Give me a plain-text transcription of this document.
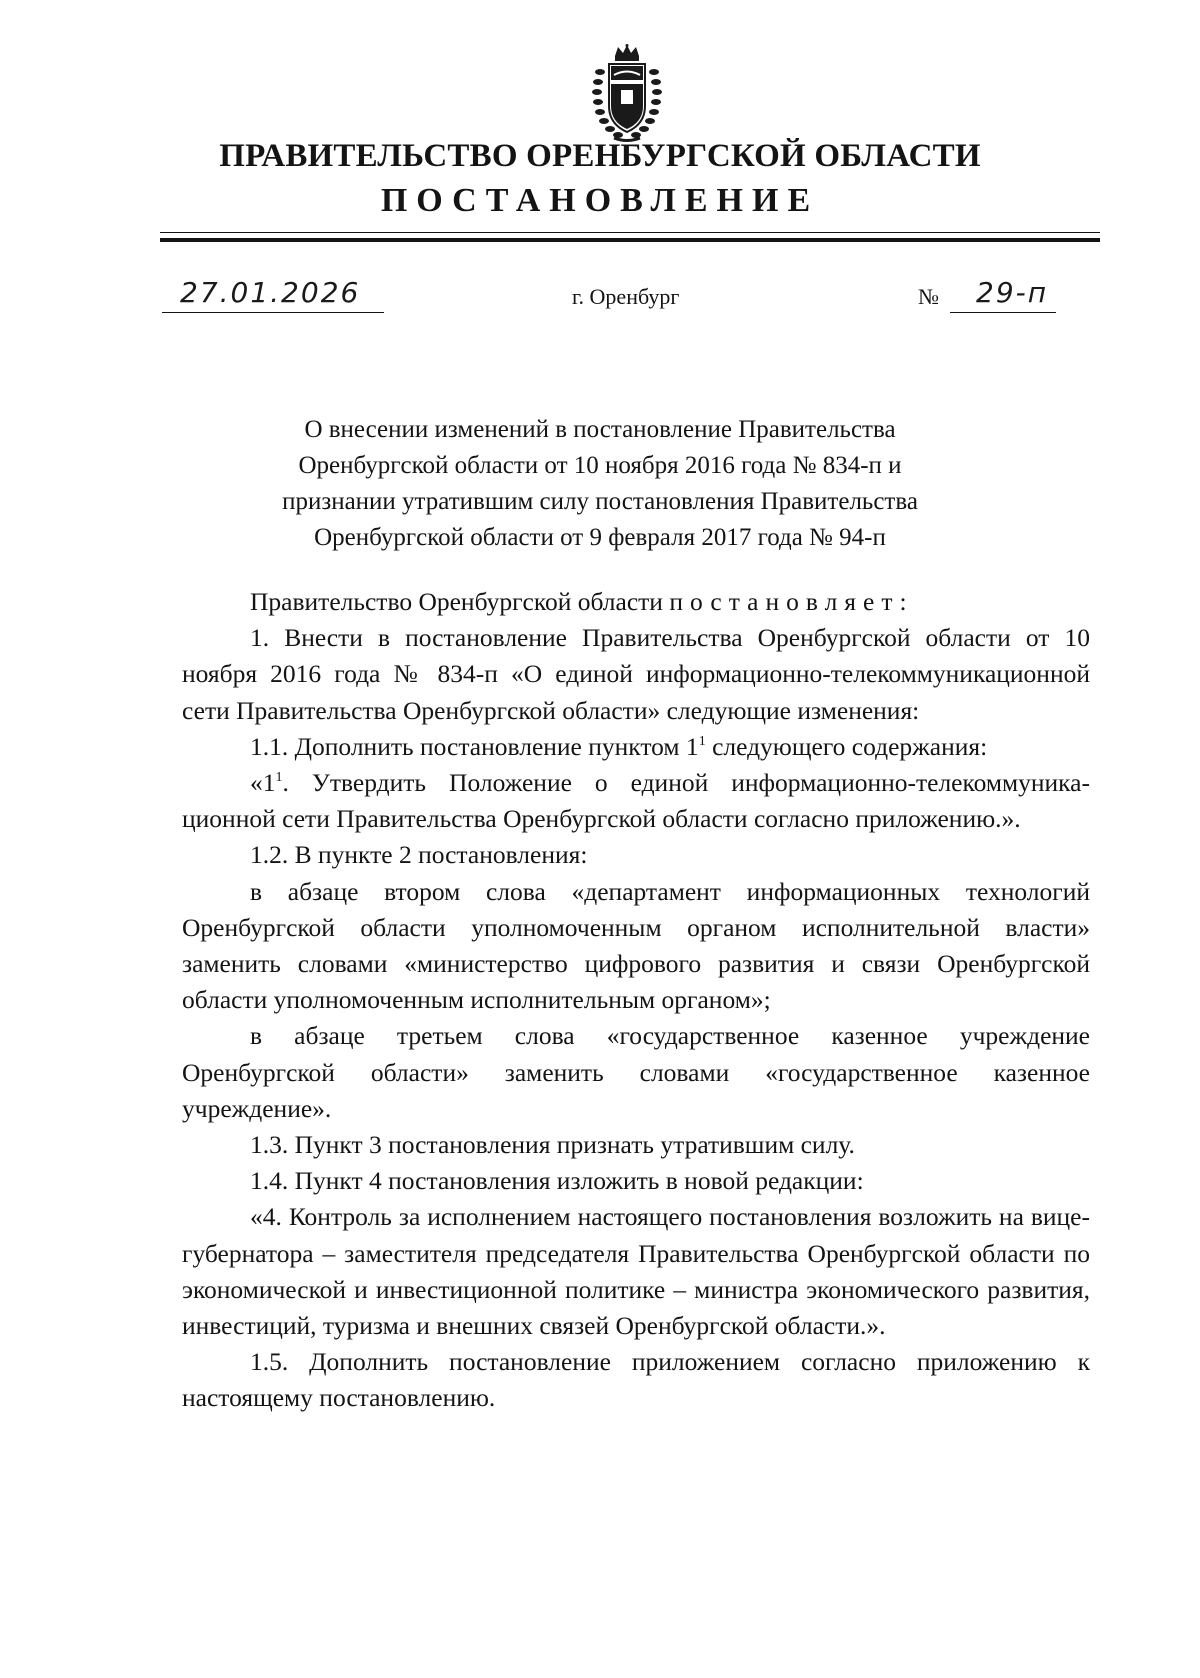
ПРАВИТЕЛЬСТВО ОРЕНБУРГСКОЙ ОБЛАСТИ
ПОСТАНОВЛЕНИЕ
27.01.2026	г. Оренбург	№ 29-п
О внесении изменений в постановление Правительства Оренбургской области от 10 ноября 2016 года № 834-п и признании утратившим силу постановления Правительства Оренбургской области от 9 февраля 2017 года № 94-п

Правительство Оренбургской области постановляет:

1. Внести в постановление Правительства Оренбургской области от 10 ноября 2016 года № 834-п «О единой информационно-телекоммуникационной сети Правительства Оренбургской области» следующие изменения:

1.1. Дополнить постановление пунктом $1^1$ следующего содержания:

«$1^1$. Утвердить Положение о единой информационно-телекоммуникационной сети Правительства Оренбургской области согласно приложению.».

1.2. В пункте 2 постановления:

в абзаце втором слова «департамент информационных технологий Оренбургской области уполномоченным органом исполнительной власти» заменить словами «министерство цифрового развития и связи Оренбургской области уполномоченным исполнительным органом»;

в абзаце третьем слова «государственное казенное учреждение Оренбургской области» заменить словами «государственное казенное учреждение».

1.3. Пункт 3 постановления признать утратившим силу.

1.4. Пункт 4 постановления изложить в новой редакции:

«4. Контроль за исполнением настоящего постановления возложить на вице-губернатора – заместителя председателя Правительства Оренбургской области по экономической и инвестиционной политике – министра экономического развития, инвестиций, туризма и внешних связей Оренбургской области.».

1.5. Дополнить постановление приложением согласно приложению к настоящему постановлению.
